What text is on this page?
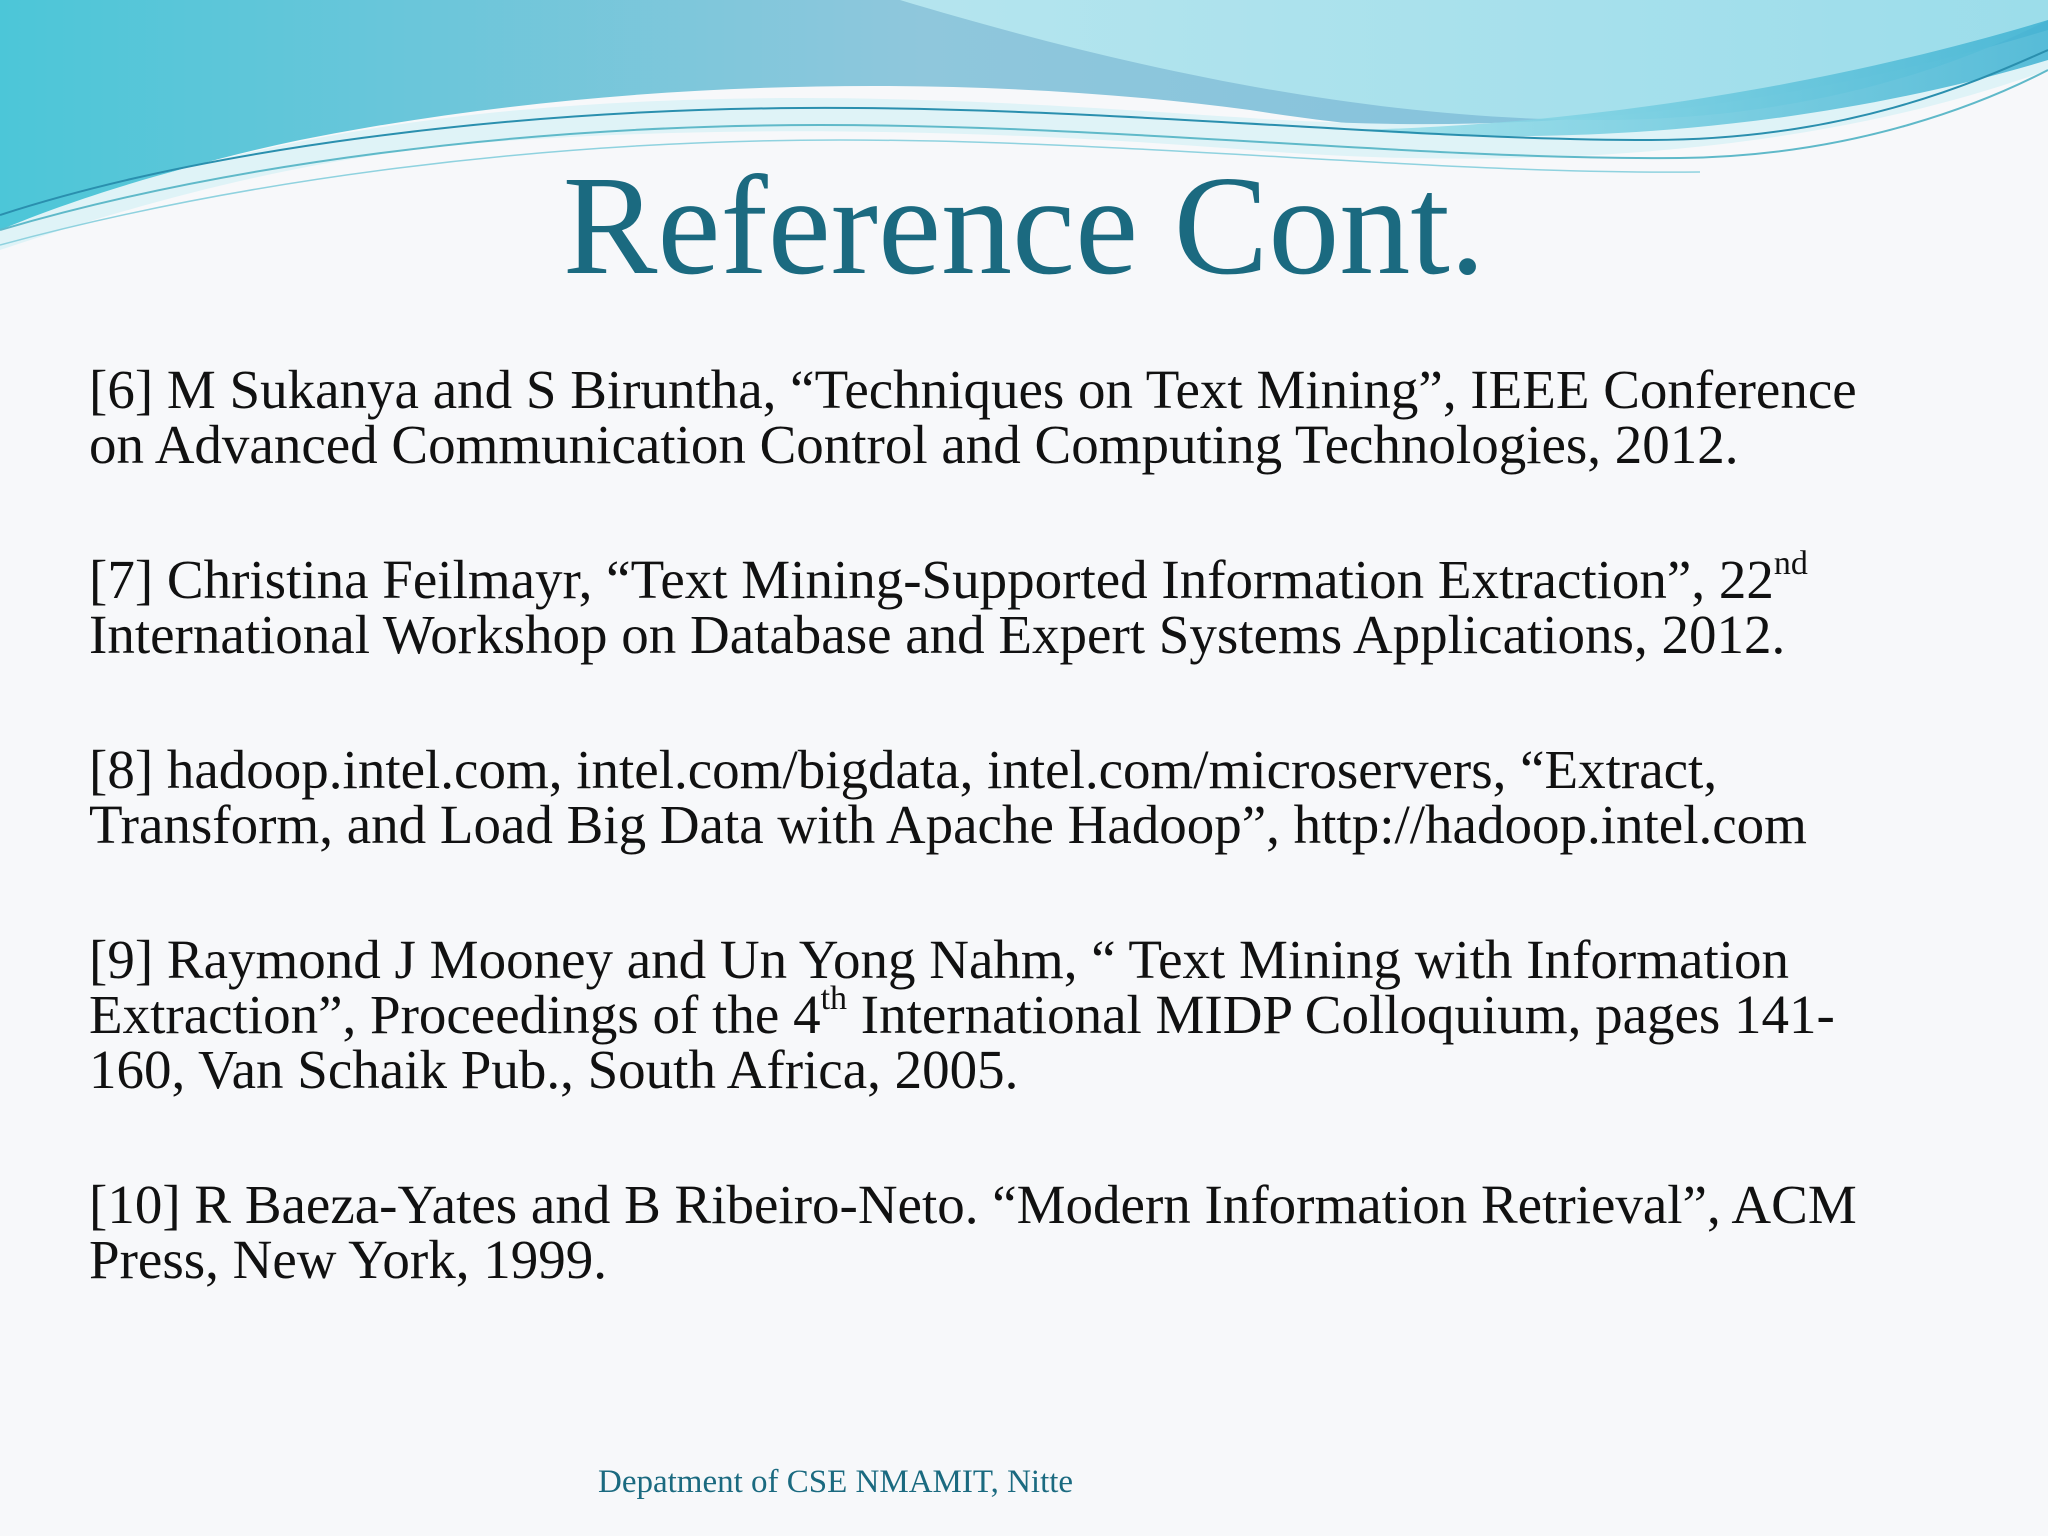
Reference Cont.

[6] M Sukanya and S Biruntha, “Techniques on Text Mining”, IEEE Conference
on Advanced Communication Control and Computing Technologies, 2012.

[7] Christina Feilmayr, “Text Mining-Supported Information Extraction”, 22nd
International Workshop on Database and Expert Systems Applications, 2012.

[8] hadoop.intel.com, intel.com/bigdata, intel.com/microservers, “Extract,
Transform, and Load Big Data with Apache Hadoop”, http://hadoop.intel.com

[9] Raymond J Mooney and Un Yong Nahm, “ Text Mining with Information
Extraction”, Proceedings of the 4th International MIDP Colloquium, pages 141-
160, Van Schaik Pub., South Africa, 2005.

[10] R Baeza-Yates and B Ribeiro-Neto. “Modern Information Retrieval”, ACM
Press, New York, 1999.

Depatment of CSE NMAMIT, Nitte
